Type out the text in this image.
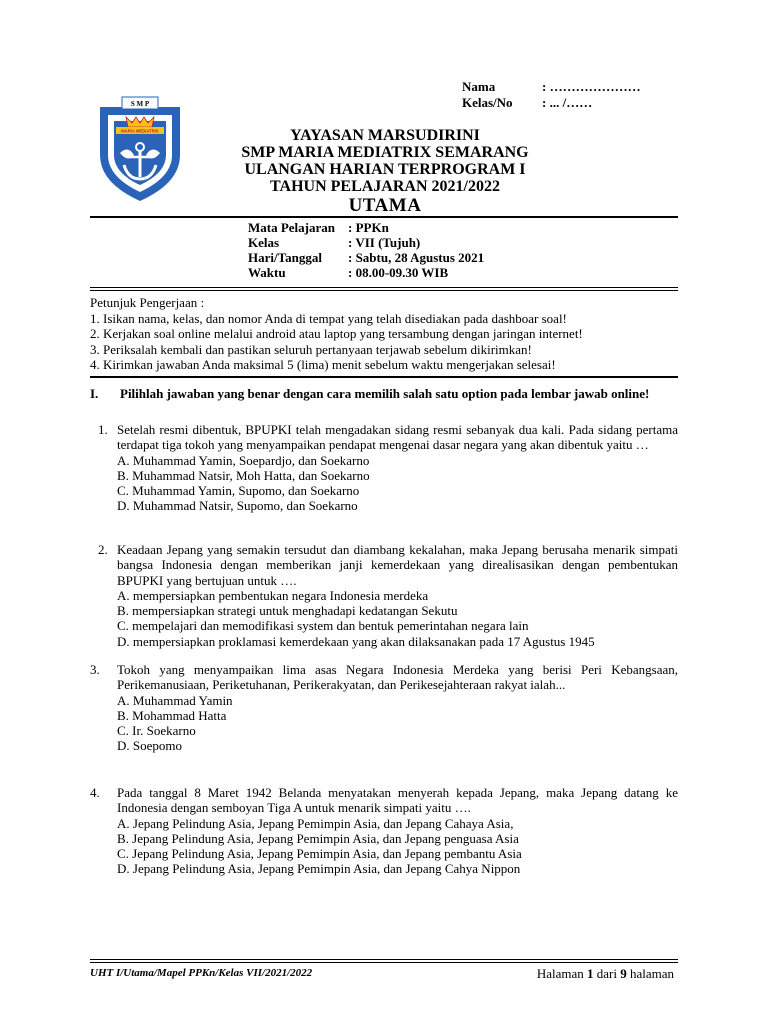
Nama	: …………………
Kelas/No : ... /……
S M P
MARIA MEDIATRIX	YAYASAN MARSUDIRINI
SMP MARIA MEDIATRIX SEMARANG
ULANGAN HARIAN TERPROGRAM I
TAHUN PELAJARAN 2021/2022
UTAMA
Mata Pelajaran : PPKn
Kelas	: VII (Tujuh)
Hari/Tanggal : Sabtu, 28 Agustus 2021
Waktu	: 08.00-09.30 WIB
Petunjuk Pengerjaan :
1. Isikan nama, kelas, dan nomor Anda di tempat yang telah disediakan pada dashboar soal!
2. Kerjakan soal online melalui android atau laptop yang tersambung dengan jaringan internet!
3. Periksalah kembali dan pastikan seluruh pertanyaan terjawab sebelum dikirimkan!
4. Kirimkan jawaban Anda maksimal 5 (lima) menit sebelum waktu mengerjakan selesai!
I. Pilihlah jawaban yang benar dengan cara memilih salah satu option pada lembar jawab online!
1. Setelah resmi dibentuk, BPUPKI telah mengadakan sidang resmi sebanyak dua kali. Pada sidang pertama terdapat tiga tokoh yang menyampaikan pendapat mengenai dasar negara yang akan dibentuk yaitu …
A. Muhammad Yamin, Soepardjo, dan Soekarno
B. Muhammad Natsir, Moh Hatta, dan Soekarno
C. Muhammad Yamin, Supomo, dan Soekarno
D. Muhammad Natsir, Supomo, dan Soekarno
2. Keadaan Jepang yang semakin tersudut dan diambang kekalahan, maka Jepang berusaha menarik simpati bangsa Indonesia dengan memberikan janji kemerdekaan yang direalisasikan dengan pembentukan BPUPKI yang bertujuan untuk ….
A. mempersiapkan pembentukan negara Indonesia merdeka
B. mempersiapkan strategi untuk menghadapi kedatangan Sekutu
C. mempelajari dan memodifikasi system dan bentuk pemerintahan negara lain
D. mempersiapkan proklamasi kemerdekaan yang akan dilaksanakan pada 17 Agustus 1945
3. Tokoh yang menyampaikan lima asas Negara Indonesia Merdeka yang berisi Peri Kebangsaan, Perikemanusiaan, Periketuhanan, Perikerakyatan, dan Perikesejahteraan rakyat ialah...
A. Muhammad Yamin
B. Mohammad Hatta
C. Ir. Soekarno
D. Soepomo
4. Pada tanggal 8 Maret 1942 Belanda menyatakan menyerah kepada Jepang, maka Jepang datang ke Indonesia dengan semboyan Tiga A untuk menarik simpati yaitu ….
A. Jepang Pelindung Asia, Jepang Pemimpin Asia, dan Jepang Cahaya Asia,
B. Jepang Pelindung Asia, Jepang Pemimpin Asia, dan Jepang penguasa Asia
C. Jepang Pelindung Asia, Jepang Pemimpin Asia, dan Jepang pembantu Asia
D. Jepang Pelindung Asia, Jepang Pemimpin Asia, dan Jepang Cahya Nippon
UHT I/Utama/Mapel PPKn/Kelas VII/2021/2022	Halaman 1 dari 9 halaman
